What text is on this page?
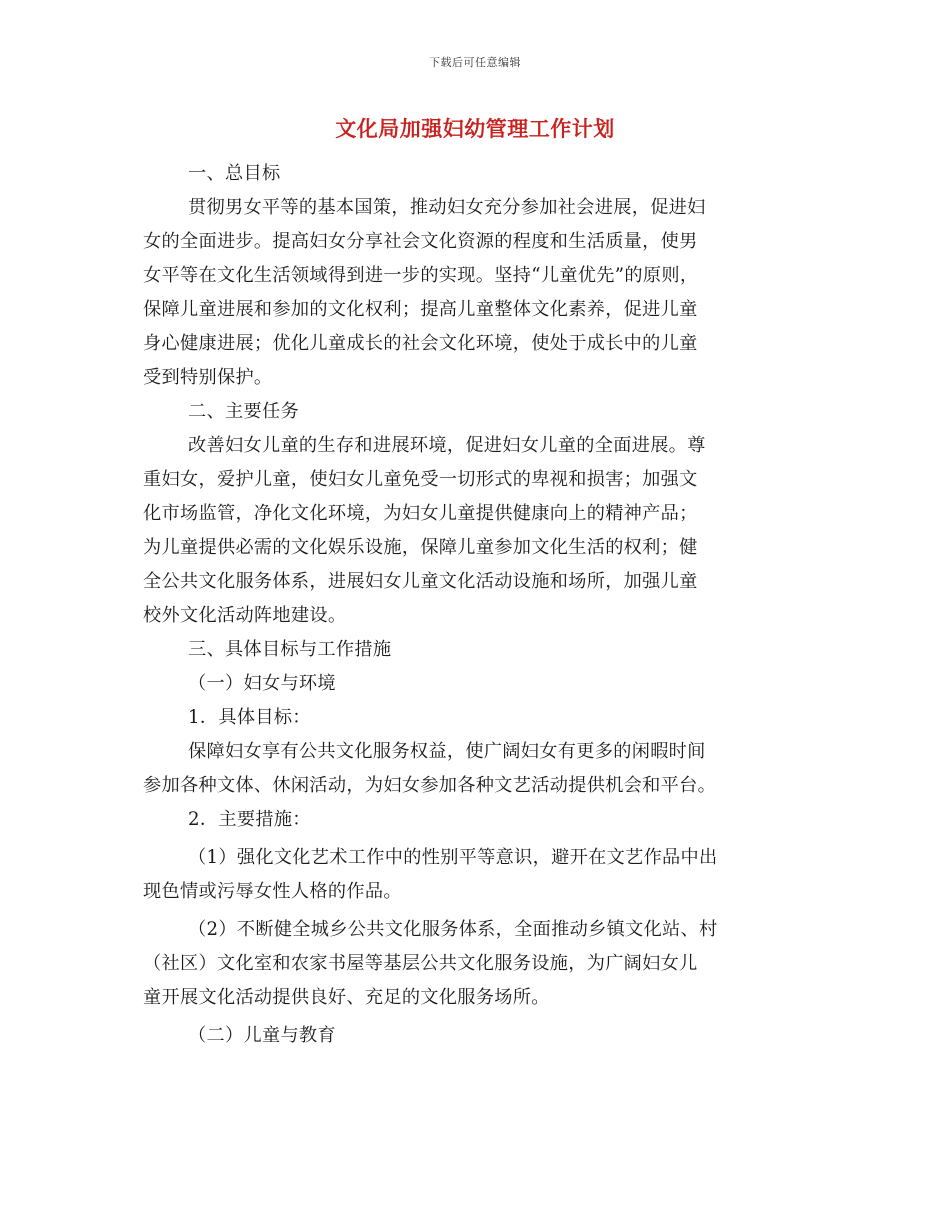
下载后可任意编辑
文化局加强妇幼管理工作计划
一、总目标
贯彻男女平等的基本国策，推动妇女充分参加社会进展，促进妇
女的全面进步。提高妇女分享社会文化资源的程度和生活质量，使男
女平等在文化生活领域得到进一步的实现。坚持“儿童优先”的原则，
保障儿童进展和参加的文化权利；提高儿童整体文化素养，促进儿童
身心健康进展；优化儿童成长的社会文化环境，使处于成长中的儿童
受到特别保护。
二、主要任务
改善妇女儿童的生存和进展环境，促进妇女儿童的全面进展。尊
重妇女，爱护儿童，使妇女儿童免受一切形式的卑视和损害；加强文
化市场监管，净化文化环境，为妇女儿童提供健康向上的精神产品；
为儿童提供必需的文化娱乐设施，保障儿童参加文化生活的权利；健
全公共文化服务体系，进展妇女儿童文化活动设施和场所，加强儿童
校外文化活动阵地建设。
三、具体目标与工作措施
（一）妇女与环境
1．具体目标：
保障妇女享有公共文化服务权益，使广阔妇女有更多的闲暇时间
参加各种文体、休闲活动，为妇女参加各种文艺活动提供机会和平台。
2．主要措施：
（1）强化文化艺术工作中的性别平等意识，避开在文艺作品中出
现色情或污辱女性人格的作品。
（2）不断健全城乡公共文化服务体系，全面推动乡镇文化站、村
（社区）文化室和农家书屋等基层公共文化服务设施，为广阔妇女儿
童开展文化活动提供良好、充足的文化服务场所。
（二）儿童与教育
